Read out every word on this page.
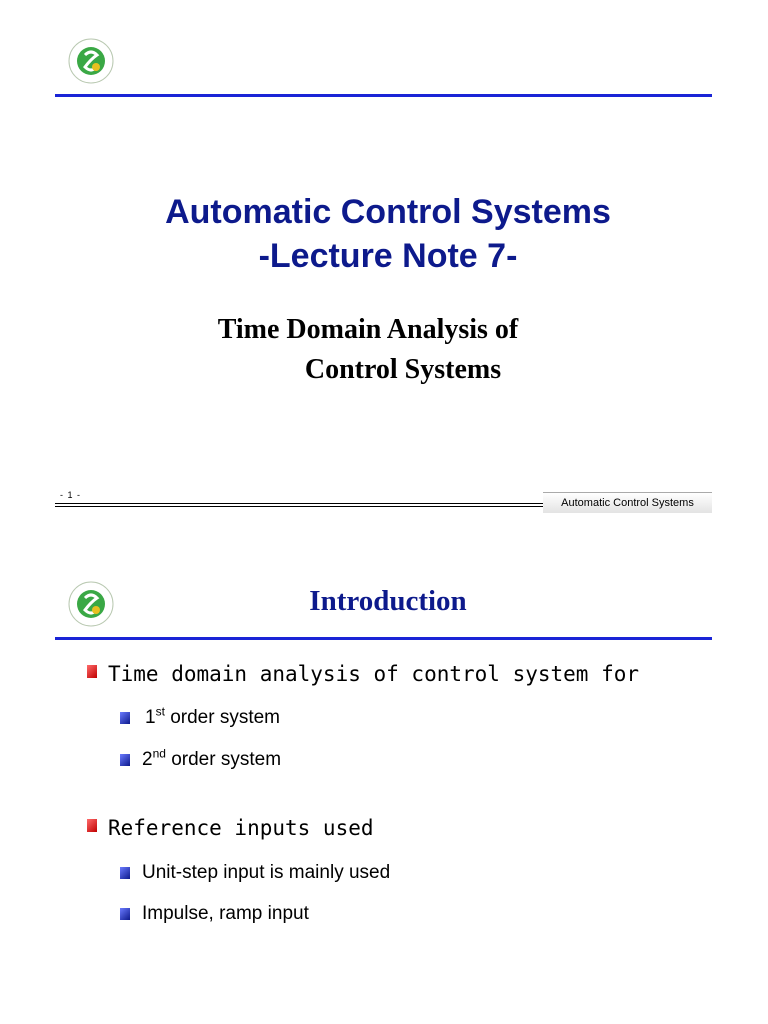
Automatic Control Systems
-Lecture Note 7-
Time Domain Analysis of
Control Systems
- 1 -
Automatic Control Systems
Introduction
Time domain analysis of control system for
1st order system
2nd order system
Reference inputs used
Unit-step input is mainly used
Impulse, ramp input
